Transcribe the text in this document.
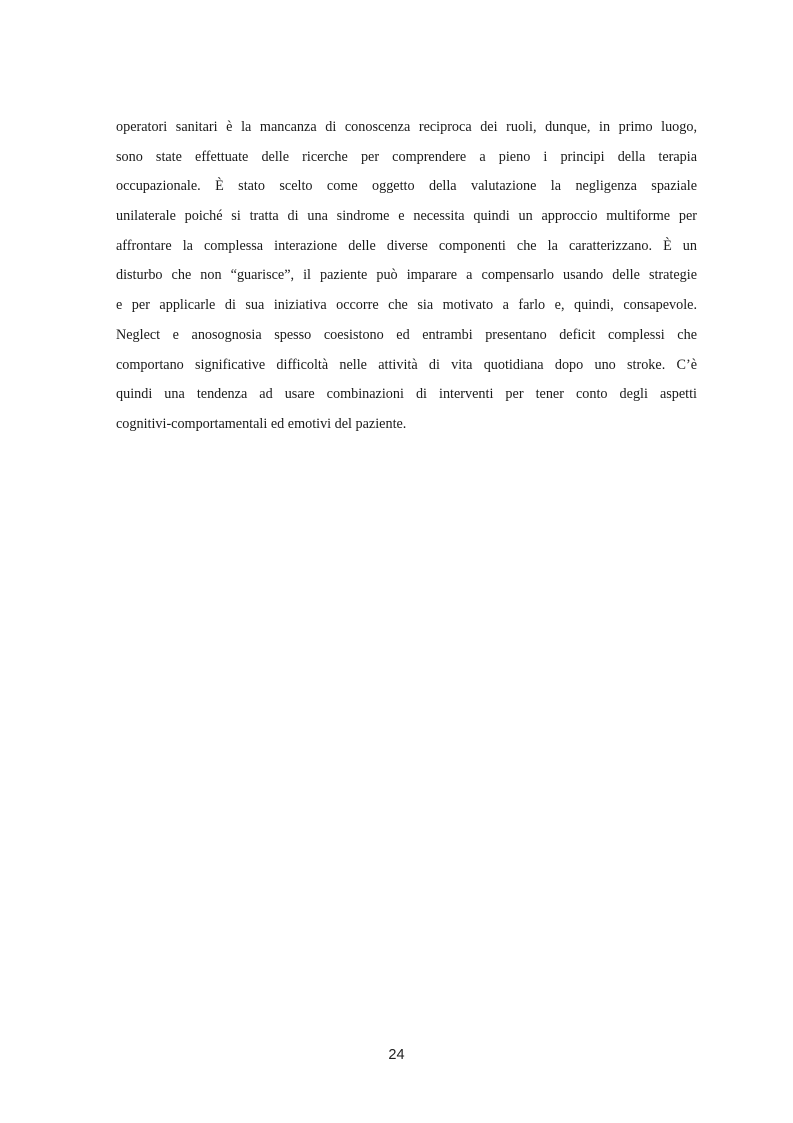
operatori sanitari è la mancanza di conoscenza reciproca dei ruoli, dunque, in primo luogo,
sono state effettuate delle ricerche per comprendere a pieno i principi della terapia
occupazionale. È stato scelto come oggetto della valutazione la negligenza spaziale
unilaterale poiché si tratta di una sindrome e necessita quindi un approccio multiforme per
affrontare la complessa interazione delle diverse componenti che la caratterizzano. È un
disturbo che non “guarisce”, il paziente può imparare a compensarlo usando delle strategie
e per applicarle di sua iniziativa occorre che sia motivato a farlo e, quindi, consapevole.
Neglect e anosognosia spesso coesistono ed entrambi presentano deficit complessi che
comportano significative difficoltà nelle attività di vita quotidiana dopo uno stroke. C’è
quindi una tendenza ad usare combinazioni di interventi per tener conto degli aspetti
cognitivi-comportamentali ed emotivi del paziente.
24
